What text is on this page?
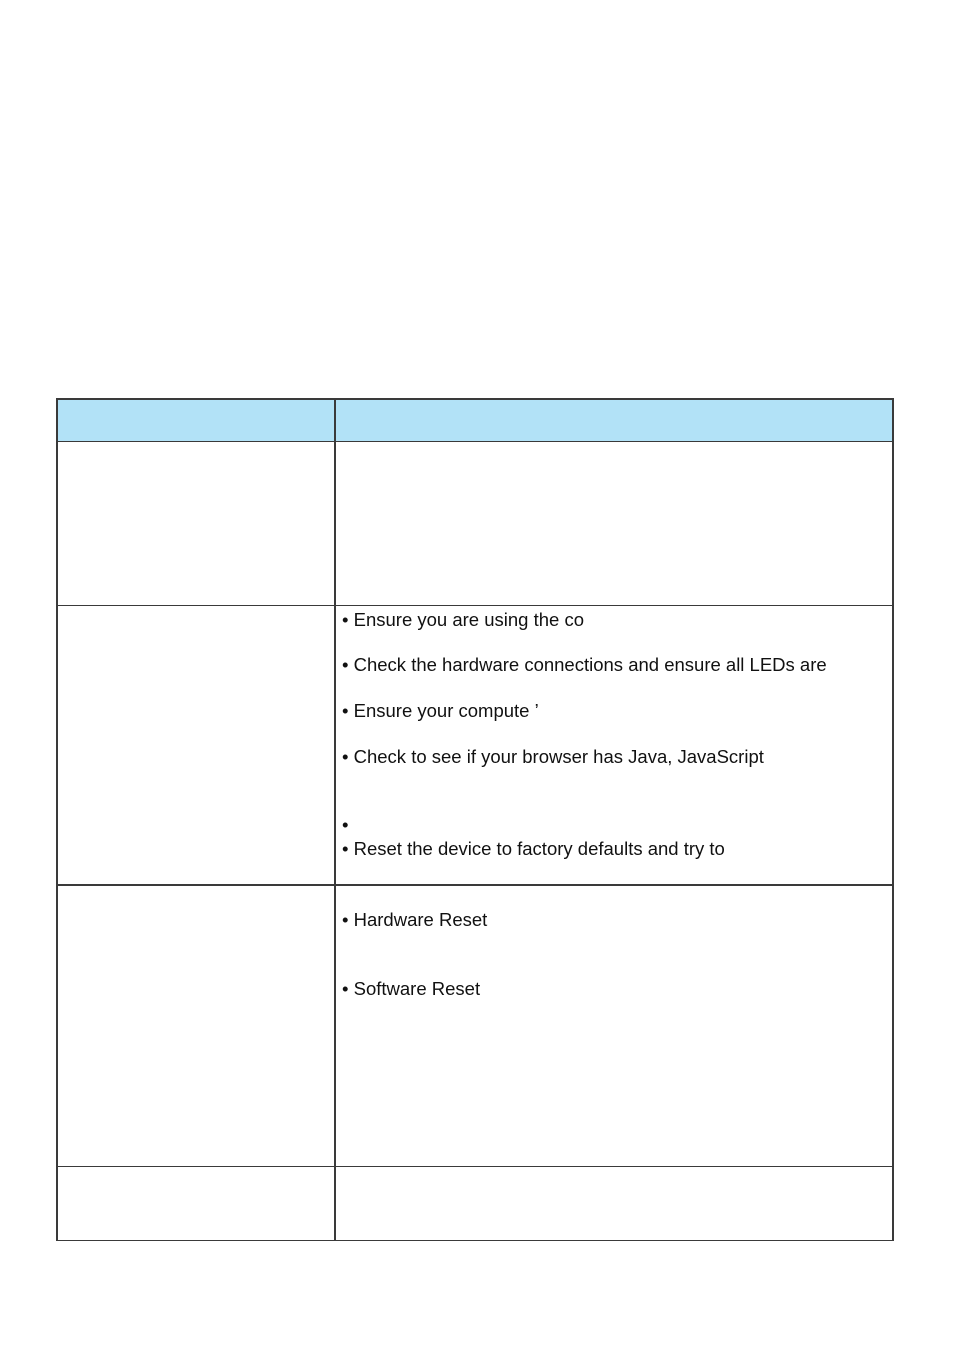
• Ensure you are using the co
• Check the hardware connections and ensure all LEDs are
• Ensure your compute ’
• Check to see if your browser has Java, JavaScript
•
• Reset the device to factory defaults and try to
• Hardware Reset
• Software Reset
